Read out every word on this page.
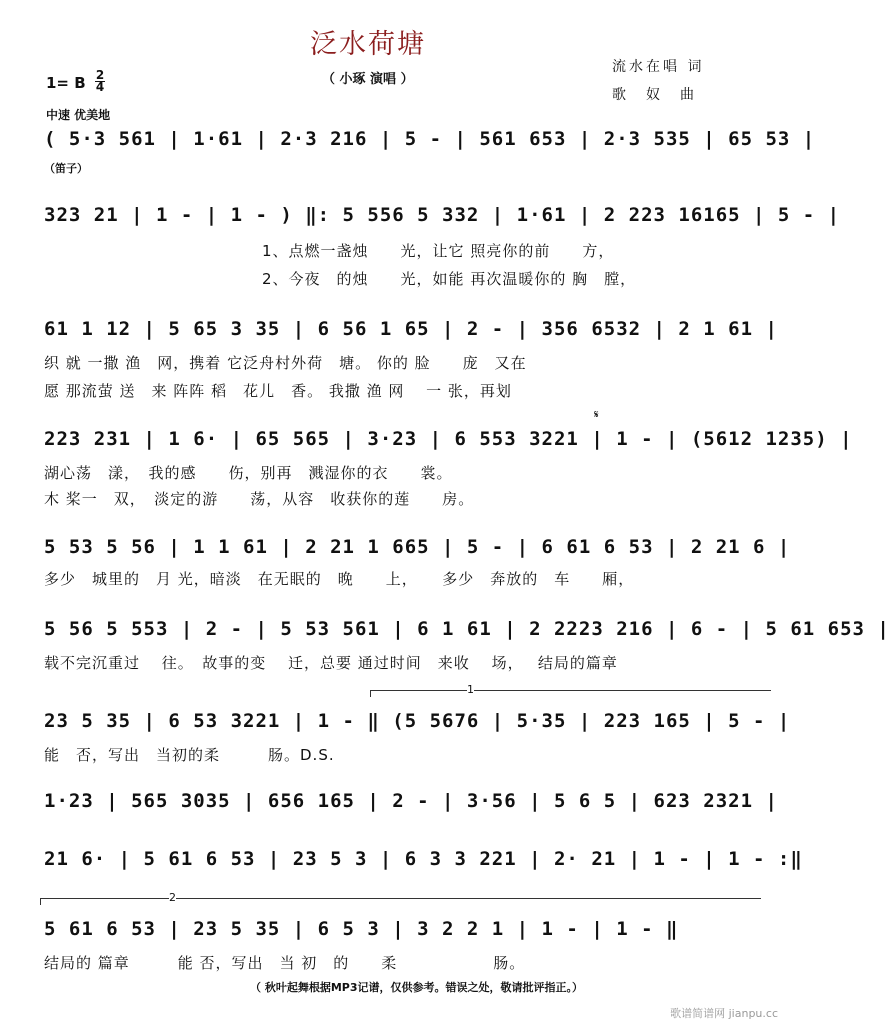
泛水荷塘
（ 小琢 演唱 ）
流水在唱 词
歌　奴　曲
1= B 2
4
中速 优美地
( 5·3 561 | 1·61 | 2·3 216 | 5 - | 561 653 | 2·3 535 | 65 53 |
（笛子）
323 21 | 1 - | 1 - ) ‖: 5 556 5 332 | 1·61 | 2 223 16165 | 5 - |
1、点燃一盏烛　　光，让它 照亮你的前　　方，
2、今夜　的烛　　光，如能 再次温暖你的 胸　膛，
61 1 12 | 5 65 3 35 | 6 56 1 65 | 2 - | 356 6532 | 2 1 61 |
织 就 一撒 渔　网，携着 它泛舟村外荷　塘。 你的 脸　　庞　又在
愿 那流萤 送　来 阵阵 稻　花儿　香。 我撒 渔 网　 一 张，再划
𝄋
223 231 | 1 6· | 65 565 | 3·23 | 6 553 3221 | 1 - | (5612 1235) |
湖心荡　漾，　我的感　　伤，别再　溅湿你的衣　　裳。
木 桨一　双，　淡定的游　　荡，从容　收获你的莲　　房。
5 53 5 56 | 1 1 61 | 2 21 1 665 | 5 - | 6 61 6 53 | 2 21 6 |
多少　城里的　月 光，暗淡　在无眠的　晚　　上，　　多少　奔放的　车　　厢，
5 56 5 553 | 2 - | 5 53 561 | 6 1 61 | 2 2223 216 | 6 - | 5 61 653 |
载不完沉重过　 往。　故事的变　 迁，总要 通过时间　来收　 场，　 结局的篇章
1
23 5 35 | 6 53 3221 | 1 - ‖ (5 5676 | 5·35 | 223 165 | 5 - |
能　否，写出　当初的柔　　　肠。D.S.
1·23 | 565 3035 | 656 165 | 2 - | 3·56 | 5 6 5 | 623 2321 |
21 6· | 5 61 6 53 | 23 5 3 | 6 3 3 221 | 2· 21 | 1 - | 1 - :‖
2
5 61 6 53 | 23 5 35 | 6 5 3 | 3 2 2 1 | 1 - | 1 - ‖
结局的 篇章　　　能 否，写出　当 初　的　　柔　　　　　　肠。
（ 秋叶起舞根据MP3记谱，仅供参考。错误之处，敬请批评指正。）
歌谱简谱网 jianpu.cc
